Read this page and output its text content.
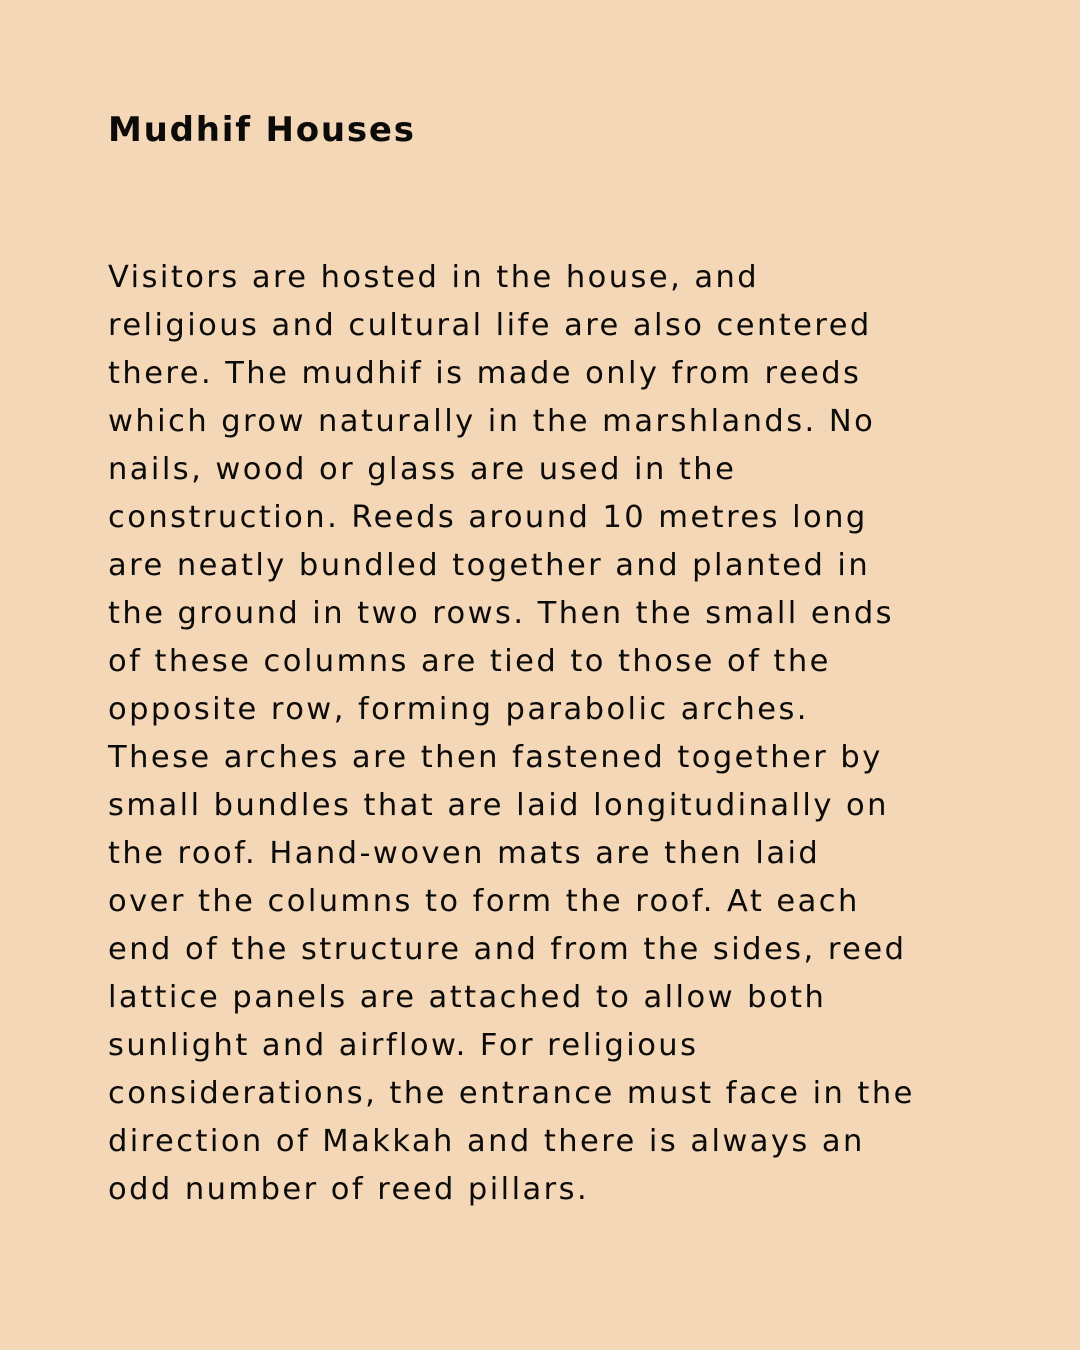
Mudhif Houses
Visitors are hosted in the house, and
religious and cultural life are also centered
there. The mudhif is made only from reeds
which grow naturally in the marshlands. No
nails, wood or glass are used in the
construction. Reeds around 10 metres long
are neatly bundled together and planted in
the ground in two rows. Then the small ends
of these columns are tied to those of the
opposite row, forming parabolic arches.
These arches are then fastened together by
small bundles that are laid longitudinally on
the roof. Hand-woven mats are then laid
over the columns to form the roof. At each
end of the structure and from the sides, reed
lattice panels are attached to allow both
sunlight and airflow. For religious
considerations, the entrance must face in the
direction of Makkah and there is always an
odd number of reed pillars.
